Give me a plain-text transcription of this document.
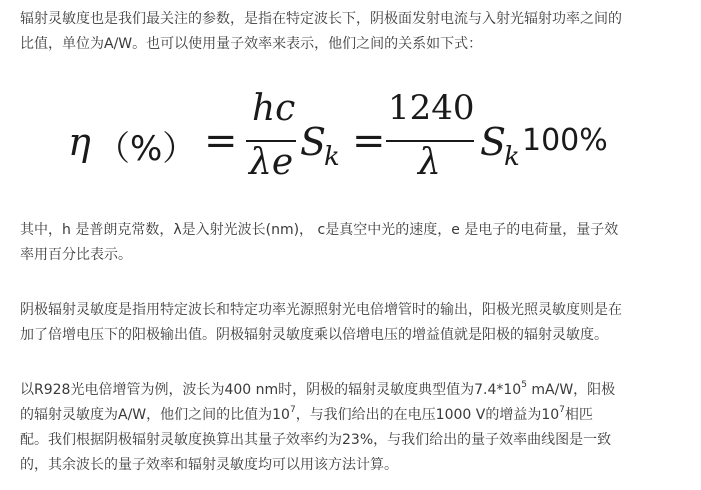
辐射灵敏度也是我们最关注的参数，是指在特定波长下，阴极面发射电流与入射光辐射功率之间的
比值，单位为A/W。也可以使用量子效率来表示，他们之间的关系如下式：
η （%） =
hc
λe S
k =
1240
λ S
k 100%
其中，h 是普朗克常数，λ是入射光波长(nm)， c是真空中光的速度，e 是电子的电荷量，量子效
率用百分比表示。
阴极辐射灵敏度是指用特定波长和特定功率光源照射光电倍增管时的输出，阳极光照灵敏度则是在
加了倍增电压下的阳极输出值。阴极辐射灵敏度乘以倍增电压的增益值就是阳极的辐射灵敏度。
以R928光电倍增管为例，波长为400 nm时，阴极的辐射灵敏度典型值为$7.4*10^5$ mA/W，阳极
的辐射灵敏度为A/W，他们之间的比值为$10^7$，与我们给出的在电压1000 V的增益为$10^7$相匹
配。我们根据阴极辐射灵敏度换算出其量子效率约为23%，与我们给出的量子效率曲线图是一致
的，其余波长的量子效率和辐射灵敏度均可以用该方法计算。
